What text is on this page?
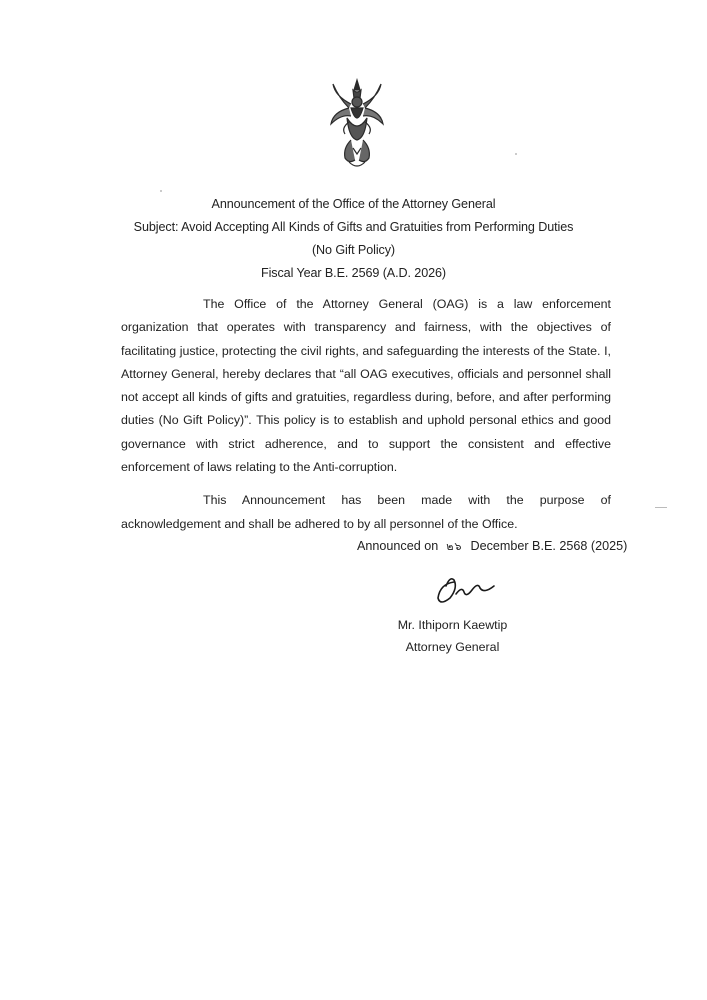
Announcement of the Office of the Attorney General
Subject: Avoid Accepting All Kinds of Gifts and Gratuities from Performing Duties
(No Gift Policy)
Fiscal Year B.E. 2569 (A.D. 2026)

The Office of the Attorney General (OAG) is a law enforcement organization that operates with transparency and fairness, with the objectives of facilitating justice, protecting the civil rights, and safeguarding the interests of the State. I, Attorney General, hereby declares that “all OAG executives, officials and personnel shall not accept all kinds of gifts and gratuities, regardless during, before, and after performing duties (No Gift Policy)”. This policy is to establish and uphold personal ethics and good governance with strict adherence, and to support the consistent and effective enforcement of laws relating to the Anti-corruption.

This Announcement has been made with the purpose of acknowledgement and shall be adhered to by all personnel of the Office.

Announced on ๒๖ December B.E. 2568 (2025)
Mr. Ithiporn Kaewtip
Attorney General
